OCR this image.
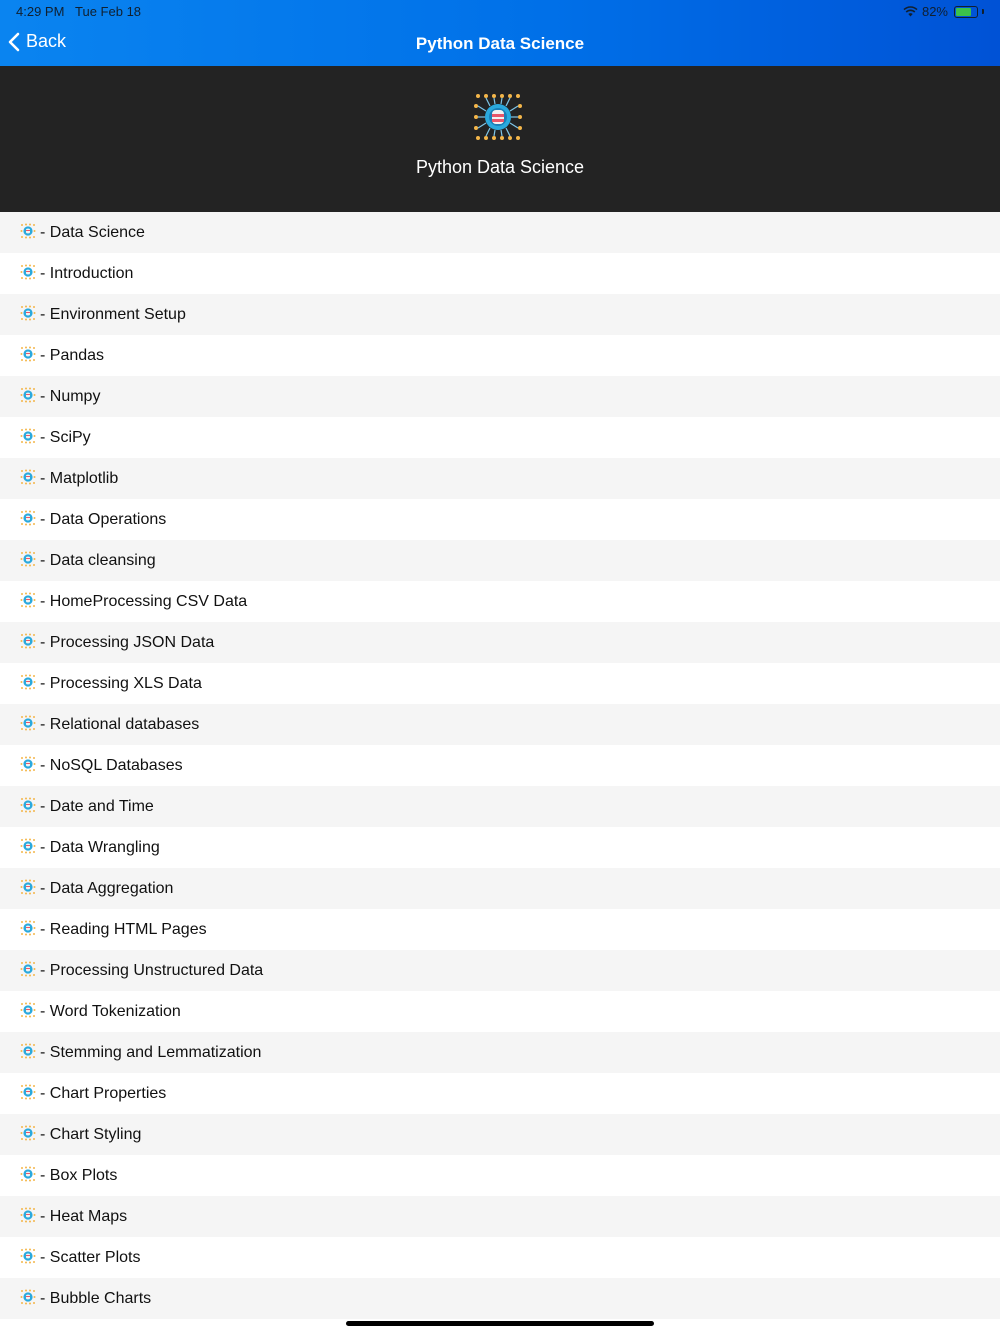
4:29 PM Tue Feb 18	82%
Back	Python Data Science
Python Data Science
- Data Science
- Introduction
- Environment Setup
- Pandas
- Numpy
- SciPy
- Matplotlib
- Data Operations
- Data cleansing
- HomeProcessing CSV Data
- Processing JSON Data
- Processing XLS Data
- Relational databases
- NoSQL Databases
- Date and Time
- Data Wrangling
- Data Aggregation
- Reading HTML Pages
- Processing Unstructured Data
- Word Tokenization
- Stemming and Lemmatization
- Chart Properties
- Chart Styling
- Box Plots
- Heat Maps
- Scatter Plots
- Bubble Charts
